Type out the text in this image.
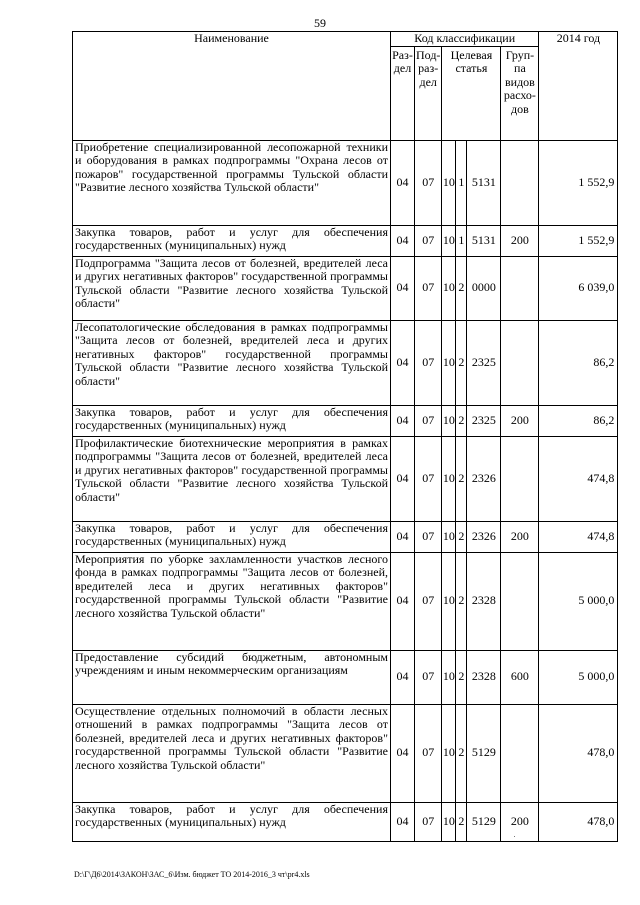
59
Наименование	Код классификации						2014 год
	Раз-дел	Под-раз-дел	Целевая статья			Груп-па видов расхо-дов	
Приобретение специализированной лесопожарной техники и оборудования в рамках подпрограммы "Охрана лесов от пожаров" государственной программы Тульской области "Развитие лесного хозяйства Тульской области"	04	07	10	1	5131		1 552,9
Закупка товаров, работ и услуг для обеспечения государственных (муниципальных) нужд	04	07	10	1	5131	200	1 552,9
Подпрограмма "Защита лесов от болезней, вредителей леса и других негативных факторов" государственной программы Тульской области "Развитие лесного хозяйства Тульской области"	04	07	10	2	0000		6 039,0
Лесопатологические обследования в рамках подпрограммы "Защита лесов от болезней, вредителей леса и других негативных факторов" государственной программы Тульской области "Развитие лесного хозяйства Тульской области"	04	07	10	2	2325		86,2
Закупка товаров, работ и услуг для обеспечения государственных (муниципальных) нужд	04	07	10	2	2325	200	86,2
Профилактические биотехнические мероприятия в рамках подпрограммы "Защита лесов от болезней, вредителей леса и других негативных факторов" государственной программы Тульской области "Развитие лесного хозяйства Тульской области"	04	07	10	2	2326		474,8
Закупка товаров, работ и услуг для обеспечения государственных (муниципальных) нужд	04	07	10	2	2326	200	474,8
Мероприятия по уборке захламленности участков лесного фонда в рамках подпрограммы "Защита лесов от болезней, вредителей леса и других негативных факторов" государственной программы Тульской области "Развитие лесного хозяйства Тульской области"	04	07	10	2	2328		5 000,0
Предоставление субсидий бюджетным, автономным учреждениям и иным некоммерческим организациям	04	07	10	2	2328	600	5 000,0
Осуществление отдельных полномочий в области лесных отношений в рамках подпрограммы "Защита лесов от болезней, вредителей леса и других негативных факторов" государственной программы Тульской области "Развитие лесного хозяйства Тульской области"	04	07	10	2	5129		478,0
Закупка товаров, работ и услуг для обеспечения государственных (муниципальных) нужд	04	07	10	2	5129	200	478,0
D:\Г\Д6\2014\ЗАКОН\ЗАС_6\Изм. бюджет ТО 2014-2016_3 чт\pr4.xls
